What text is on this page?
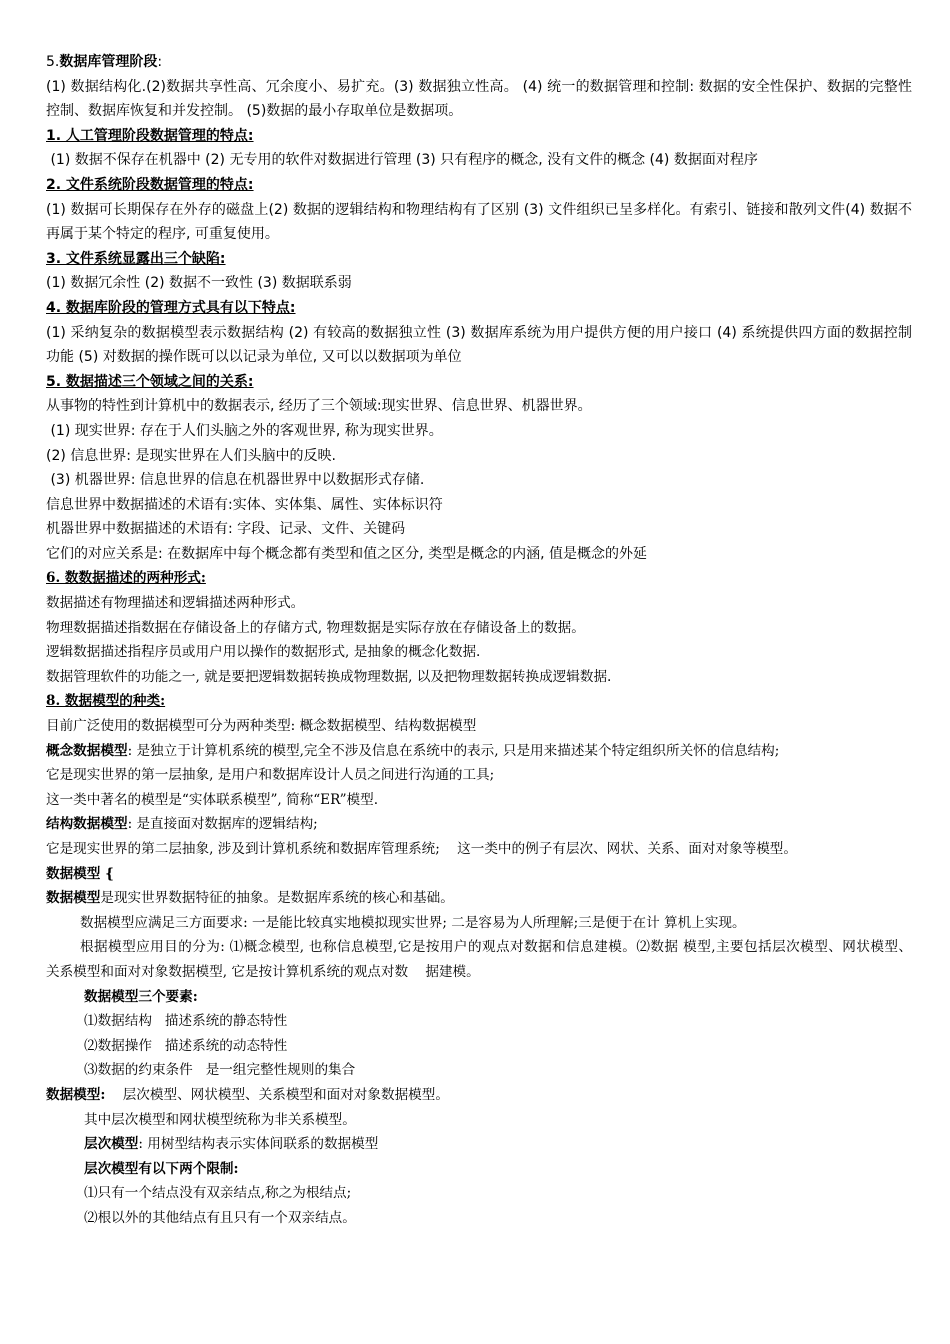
5.数据库管理阶段:
(1) 数据结构化.(2)数据共享性高、冗余度小、易扩充。(3) 数据独立性高。 (4) 统一的数据管理和控制: 数据的安全性保护、数据的完整性控制、数据库恢复和并发控制。 (5)数据的最小存取单位是数据项。
1. 人工管理阶段数据管理的特点:
(1) 数据不保存在机器中 (2) 无专用的软件对数据进行管理 (3) 只有程序的概念, 没有文件的概念 (4) 数据面对程序
2. 文件系统阶段数据管理的特点:
(1) 数据可长期保存在外存的磁盘上(2) 数据的逻辑结构和物理结构有了区别 (3) 文件组织已呈多样化。有索引、链接和散列文件(4) 数据不再属于某个特定的程序, 可重复使用。
3. 文件系统显露出三个缺陷:
(1) 数据冗余性 (2) 数据不一致性 (3) 数据联系弱
4. 数据库阶段的管理方式具有以下特点:
(1) 采纳复杂的数据模型表示数据结构 (2) 有较高的数据独立性 (3) 数据库系统为用户提供方便的用户接口 (4) 系统提供四方面的数据控制功能 (5) 对数据的操作既可以以记录为单位, 又可以以数据项为单位
5. 数据描述三个领域之间的关系:
从事物的特性到计算机中的数据表示, 经历了三个领域:现实世界、信息世界、机器世界。
(1) 现实世界: 存在于人们头脑之外的客观世界, 称为现实世界。
(2) 信息世界: 是现实世界在人们头脑中的反映.
(3) 机器世界: 信息世界的信息在机器世界中以数据形式存储.
信息世界中数据描述的术语有:实体、实体集、属性、实体标识符
机器世界中数据描述的术语有: 字段、记录、文件、关键码
它们的对应关系是: 在数据库中每个概念都有类型和值之区分, 类型是概念的内涵, 值是概念的外延
6. 数数据描述的两种形式:
数据描述有物理描述和逻辑描述两种形式。
物理数据描述指数据在存储设备上的存储方式, 物理数据是实际存放在存储设备上的数据。
逻辑数据描述指程序员或用户用以操作的数据形式, 是抽象的概念化数据.
数据管理软件的功能之一, 就是要把逻辑数据转换成物理数据, 以及把物理数据转换成逻辑数据.
8. 数据模型的种类:
目前广泛使用的数据模型可分为两种类型: 概念数据模型、结构数据模型
概念数据模型: 是独立于计算机系统的模型,完全不涉及信息在系统中的表示, 只是用来描述某个特定组织所关怀的信息结构;
它是现实世界的第一层抽象, 是用户和数据库设计人员之间进行沟通的工具;
这一类中著名的模型是“实体联系模型”, 简称“ER”模型.
结构数据模型: 是直接面对数据库的逻辑结构;
它是现实世界的第二层抽象, 涉及到计算机系统和数据库管理系统;    这一类中的例子有层次、网状、关系、面对对象等模型。
数据模型 {
数据模型是现实世界数据特征的抽象。是数据库系统的核心和基础。
数据模型应满足三方面要求: 一是能比较真实地模拟现实世界; 二是容易为人所理解;三是便于在计 算机上实现。
根据模型应用目的分为: ⑴概念模型, 也称信息模型,它是按用户的观点对数据和信息建模。⑵数据 模型,主要包括层次模型、网状模型、      关系模型和面对对象数据模型, 它是按计算机系统的观点对数    据建模。
数据模型三个要素:
⑴数据结构   描述系统的静态特性
⑵数据操作   描述系统的动态特性
⑶数据的约束条件   是一组完整性规则的集合
数据模型:    层次模型、网状模型、关系模型和面对对象数据模型。
其中层次模型和网状模型统称为非关系模型。
层次模型: 用树型结构表示实体间联系的数据模型
层次模型有以下两个限制:
⑴只有一个结点没有双亲结点,称之为根结点;
⑵根以外的其他结点有且只有一个双亲结点。
